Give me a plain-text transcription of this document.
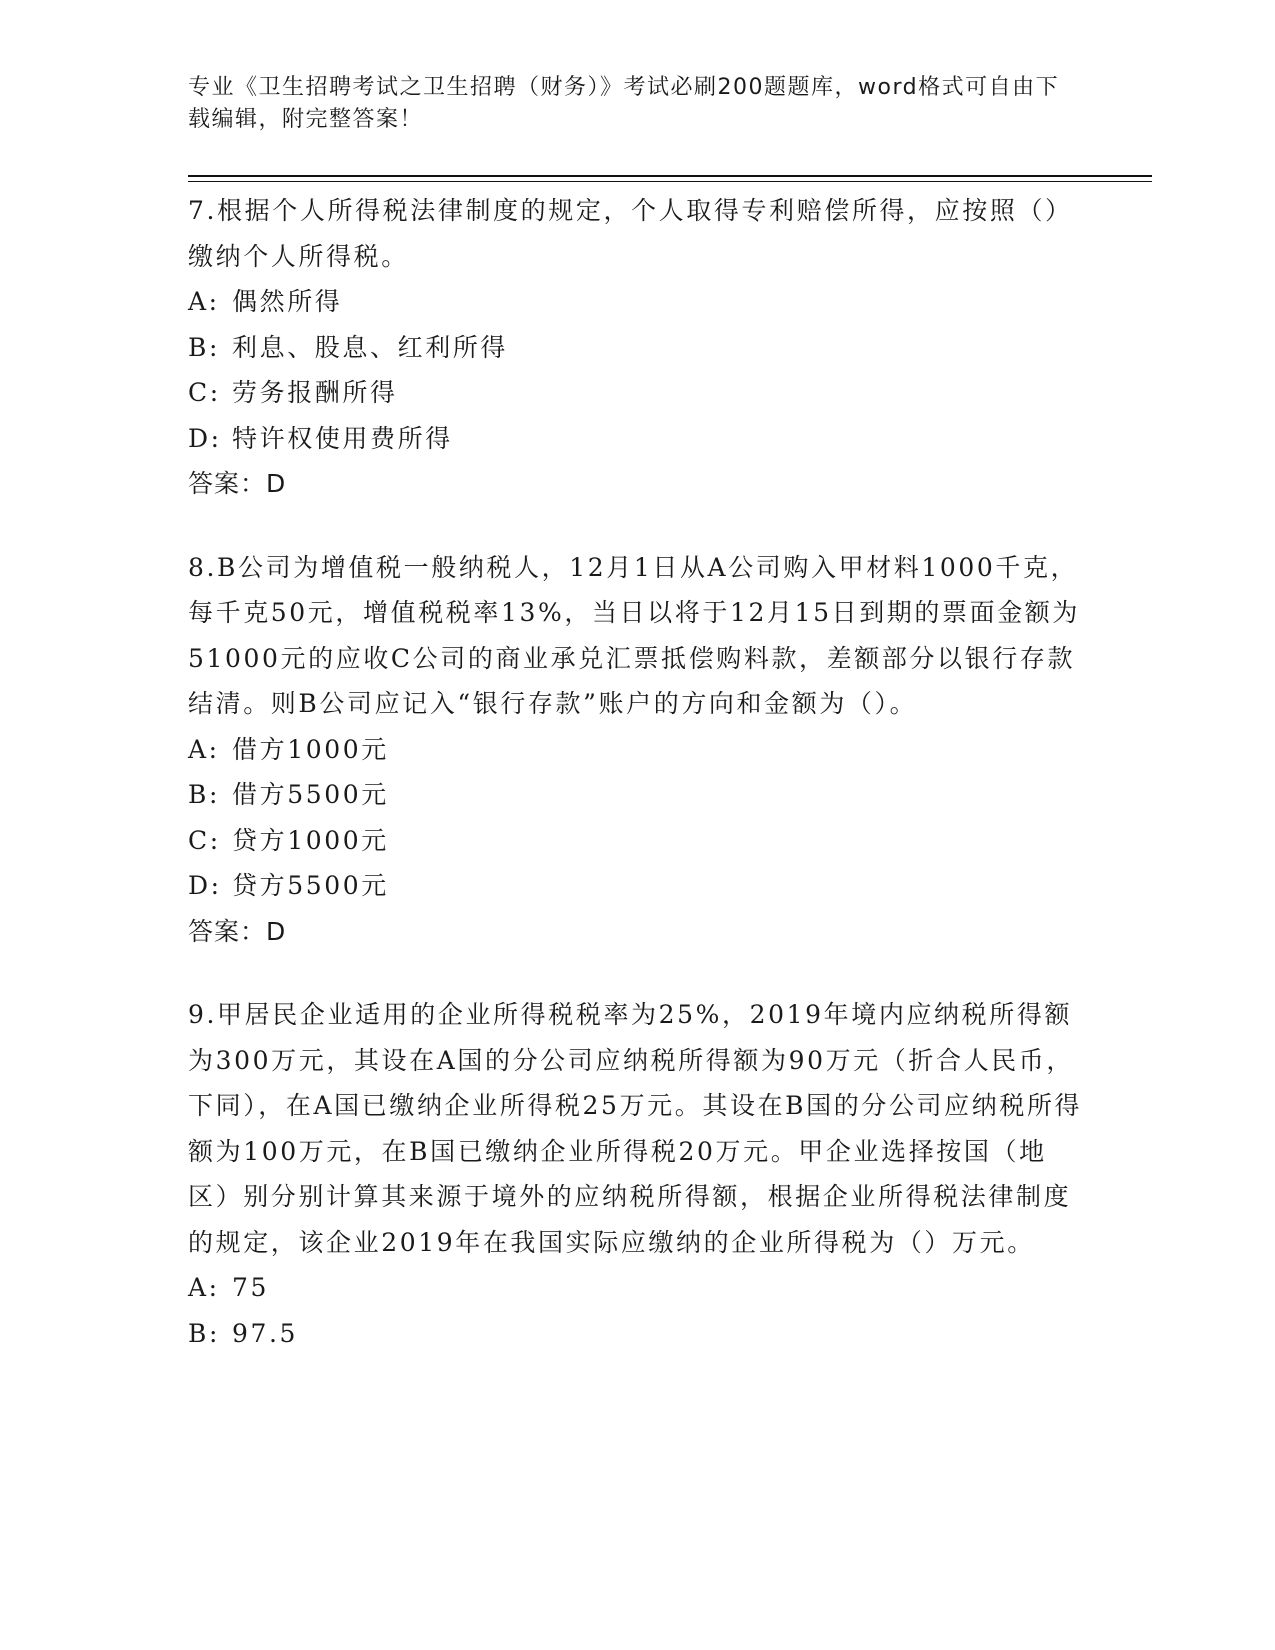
专业《卫生招聘考试之卫生招聘（财务）》考试必刷200题题库，word格式可自由下载编辑，附完整答案！

7.根据个人所得税法律制度的规定，个人取得专利赔偿所得，应按照（）缴纳个人所得税。

A: 偶然所得

B: 利息、股息、红利所得

C: 劳务报酬所得

D: 特许权使用费所得

答案：D

8.B公司为增值税一般纳税人，12月1日从A公司购入甲材料1000千克，每千克50元，增值税税率13%，当日以将于12月15日到期的票面金额为51000元的应收C公司的商业承兑汇票抵偿购料款，差额部分以银行存款结清。则B公司应记入“银行存款”账户的方向和金额为（）。

A: 借方1000元

B: 借方5500元

C: 贷方1000元

D: 贷方5500元

答案：D

9.甲居民企业适用的企业所得税税率为25%，2019年境内应纳税所得额为300万元，其设在A国的分公司应纳税所得额为90万元（折合人民币，下同），在A国已缴纳企业所得税25万元。其设在B国的分公司应纳税所得额为100万元，在B国已缴纳企业所得税20万元。甲企业选择按国（地区）别分别计算其来源于境外的应纳税所得额，根据企业所得税法律制度的规定，该企业2019年在我国实际应缴纳的企业所得税为（）万元。

A: 75

B: 97.5
